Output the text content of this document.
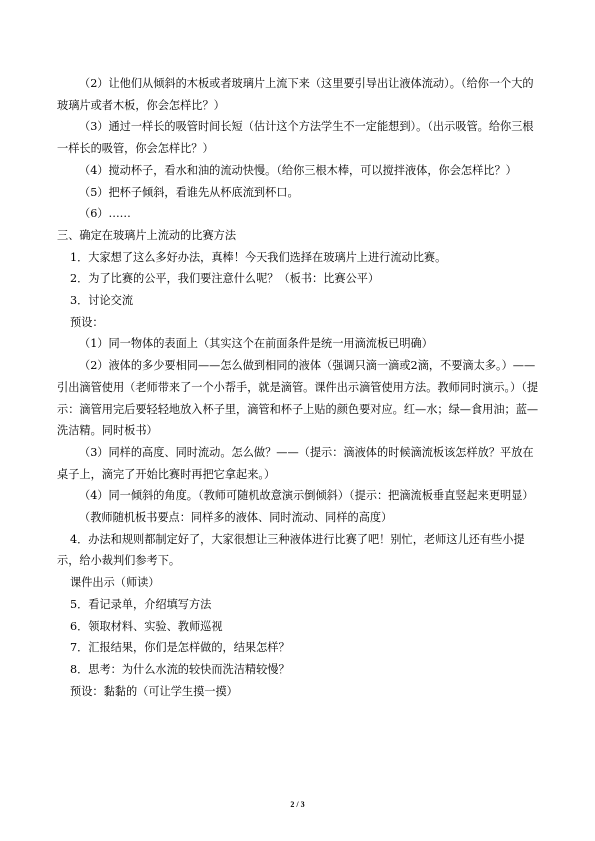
（2）让他们从倾斜的木板或者玻璃片上流下来（这里要引导出让液体流动）。（给你一个大的玻璃片或者木板，你会怎样比？）

（3）通过一样长的吸管时间长短（估计这个方法学生不一定能想到）。（出示吸管。给你三根一样长的吸管，你会怎样比？）

（4）搅动杯子，看水和油的流动快慢。（给你三根木棒，可以搅拌液体，你会怎样比？）

（5）把杯子倾斜，看谁先从杯底流到杯口。

（6）……

三、确定在玻璃片上流动的比赛方法

1．大家想了这么多好办法，真棒！今天我们选择在玻璃片上进行流动比赛。

2．为了比赛的公平，我们要注意什么呢？（板书：比赛公平）

3．讨论交流

预设：

（1）同一物体的表面上（其实这个在前面条件是统一用滴流板已明确）

（2）液体的多少要相同——怎么做到相同的液体（强调只滴一滴或2滴，不要滴太多。）——引出滴管使用（老师带来了一个小帮手，就是滴管。课件出示滴管使用方法。教师同时演示。）（提示：滴管用完后要轻轻地放入杯子里，滴管和杯子上贴的颜色要对应。红—水；绿—食用油；蓝—洗洁精。同时板书）

（3）同样的高度、同时流动。怎么做？——（提示：滴液体的时候滴流板该怎样放？平放在桌子上，滴完了开始比赛时再把它拿起来。）

（4）同一倾斜的角度。（教师可随机故意演示倒倾斜）（提示：把滴流板垂直竖起来更明显）

（教师随机板书要点：同样多的液体、同时流动、同样的高度）

4．办法和规则都制定好了，大家很想让三种液体进行比赛了吧！别忙，老师这儿还有些小提示，给小裁判们参考下。

课件出示（师读）

5．看记录单，介绍填写方法

6．领取材料、实验、教师巡视

7．汇报结果，你们是怎样做的，结果怎样？

8．思考：为什么水流的较快而洗洁精较慢？

预设：黏黏的（可让学生摸一摸）

2 / 3
